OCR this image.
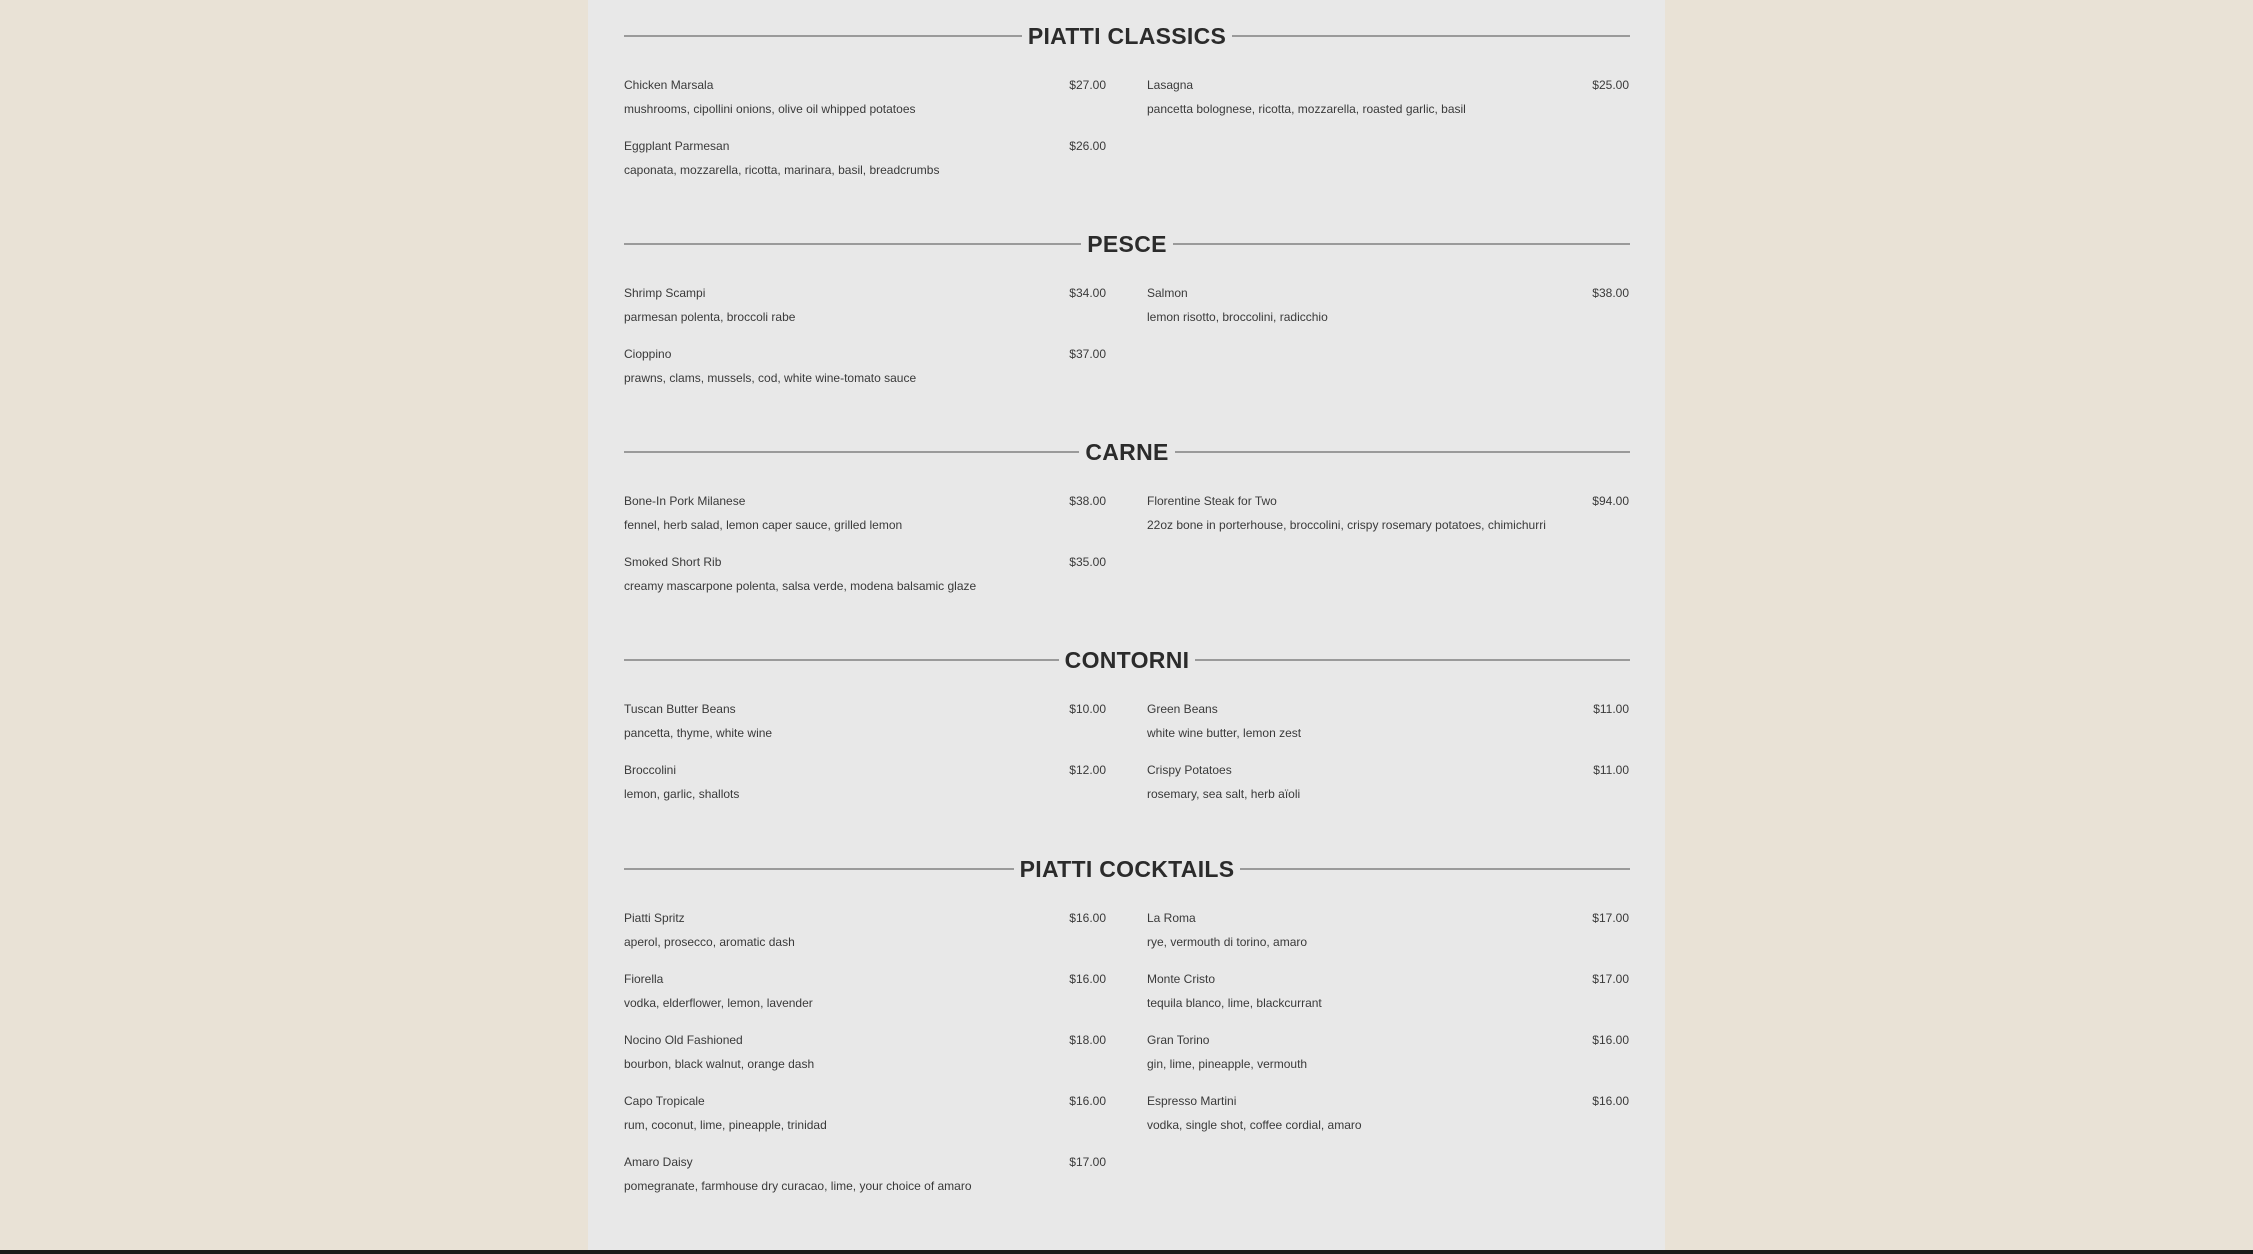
PIATTI CLASSICS
Chicken Marsala	$27.00
mushrooms, cipollini onions, olive oil whipped potatoes
Lasagna	$25.00
pancetta bolognese, ricotta, mozzarella, roasted garlic, basil
Eggplant Parmesan	$26.00
caponata, mozzarella, ricotta, marinara, basil, breadcrumbs
PESCE
Shrimp Scampi	$34.00
parmesan polenta, broccoli rabe
Salmon	$38.00
lemon risotto, broccolini, radicchio
Cioppino	$37.00
prawns, clams, mussels, cod, white wine-tomato sauce
CARNE
Bone-In Pork Milanese	$38.00
fennel, herb salad, lemon caper sauce, grilled lemon
Florentine Steak for Two	$94.00
22oz bone in porterhouse, broccolini, crispy rosemary potatoes, chimichurri
Smoked Short Rib	$35.00
creamy mascarpone polenta, salsa verde, modena balsamic glaze
CONTORNI
Tuscan Butter Beans	$10.00
pancetta, thyme, white wine
Green Beans	$11.00
white wine butter, lemon zest
Broccolini	$12.00
lemon, garlic, shallots
Crispy Potatoes	$11.00
rosemary, sea salt, herb aïoli
PIATTI COCKTAILS
Piatti Spritz	$16.00
aperol, prosecco, aromatic dash
La Roma	$17.00
rye, vermouth di torino, amaro
Fiorella	$16.00
vodka, elderflower, lemon, lavender
Monte Cristo	$17.00
tequila blanco, lime, blackcurrant
Nocino Old Fashioned	$18.00
bourbon, black walnut, orange dash
Gran Torino	$16.00
gin, lime, pineapple, vermouth
Capo Tropicale	$16.00
rum, coconut, lime, pineapple, trinidad
Espresso Martini	$16.00
vodka, single shot, coffee cordial, amaro
Amaro Daisy	$17.00
pomegranate, farmhouse dry curacao, lime, your choice of amaro
